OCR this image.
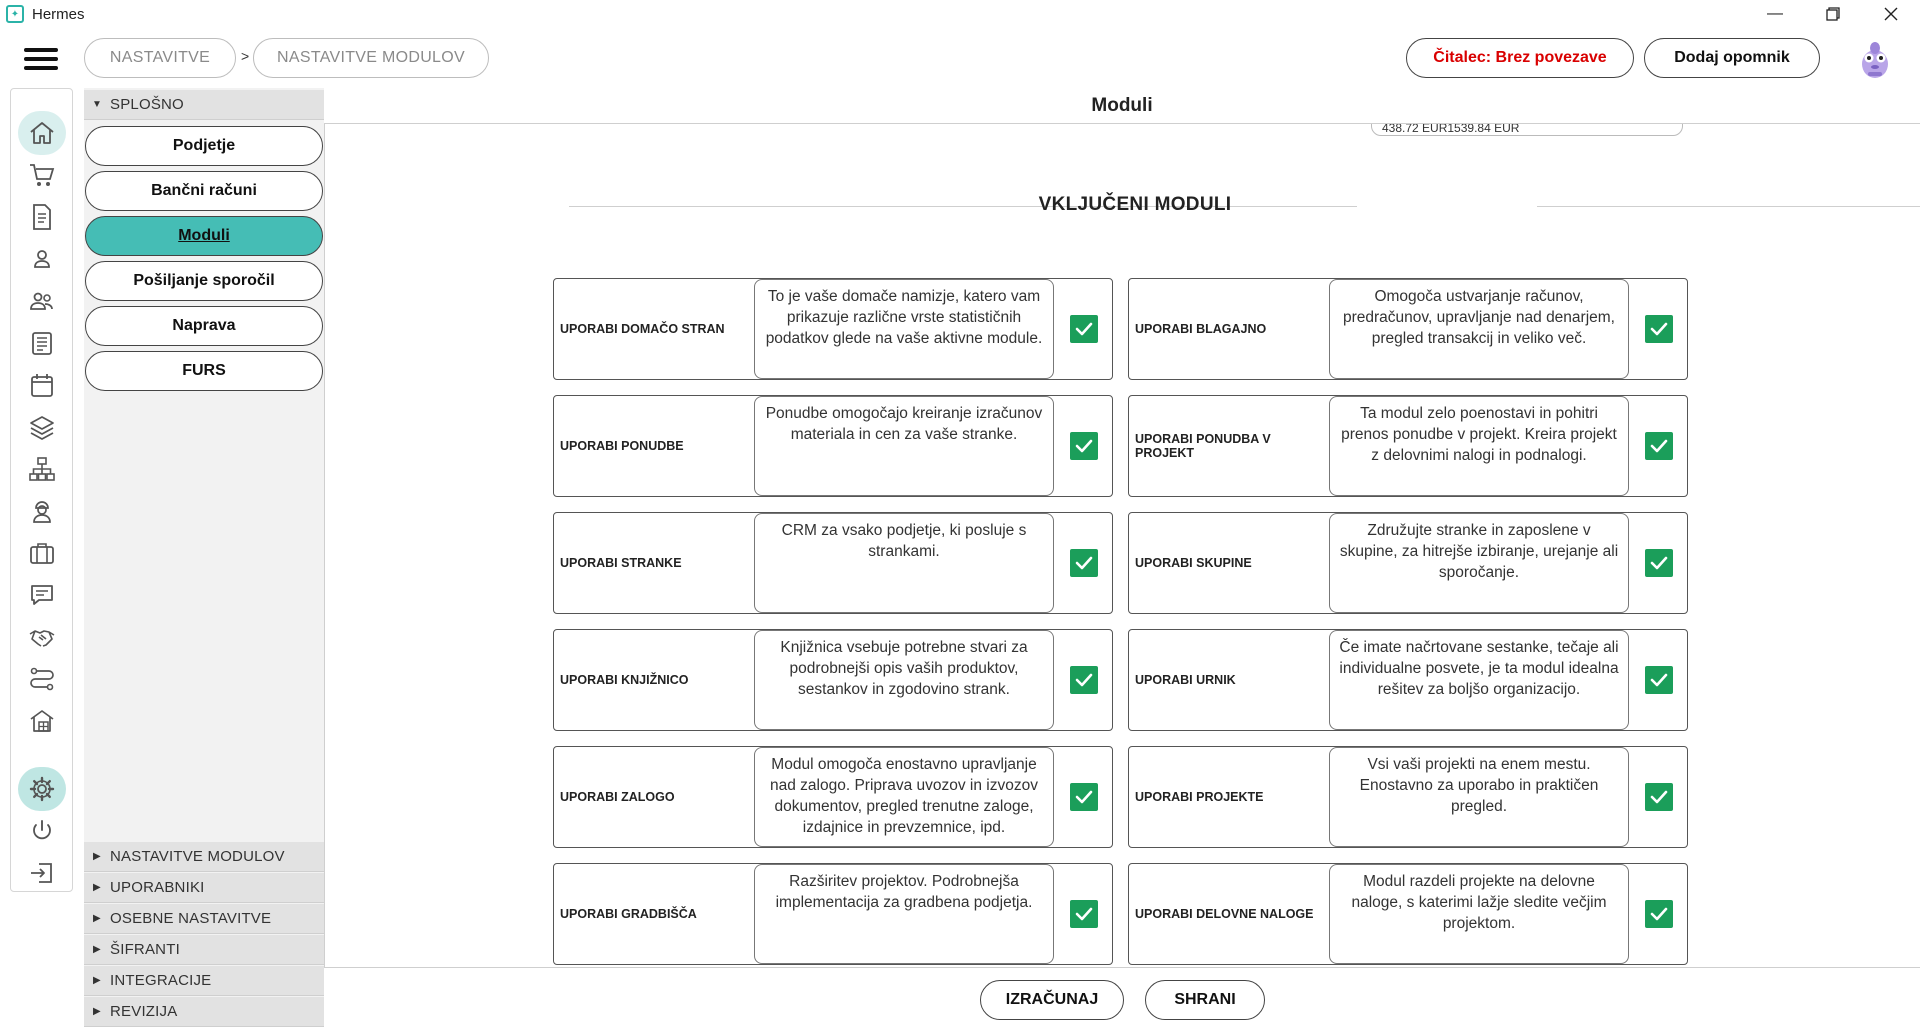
✦ Hermes	—
NASTAVITVE	>	NASTAVITVE MODULOV	Čitalec: Brez povezave	Dodaj opomnik
▼ SPLOŠNO
Podjetje
Bančni računi
Moduli
Pošiljanje sporočil
Naprava
FURS
▶ NASTAVITVE MODULOV
▶ UPORABNIKI
▶ OSEBNE NASTAVITVE
▶ ŠIFRANTI
▶ INTEGRACIJE
▶ REVIZIJA
Moduli
438.72 EUR1539.84 EUR
VKLJUČENI MODULI
UPORABI DOMAČO STRAN
To je vaše domače namizje, katero vam prikazuje različne vrste statističnih podatkov glede na vaše aktivne module.
UPORABI BLAGAJNO
Omogoča ustvarjanje računov, predračunov, upravljanje nad denarjem, pregled transakcij in veliko več.
UPORABI PONUDBE
Ponudbe omogočajo kreiranje izračunov materiala in cen za vaše stranke.	UPORABI PONUDBA V PROJEKT
Ta modul zelo poenostavi in pohitri prenos ponudbe v projekt. Kreira projekt z delovnimi nalogi in podnalogi.
UPORABI STRANKE
CRM za vsako podjetje, ki posluje s strankami.
UPORABI SKUPINE
Združujte stranke in zaposlene v skupine, za hitrejše izbiranje, urejanje ali sporočanje.
UPORABI KNJIŽNICO
Knjižnica vsebuje potrebne stvari za podrobnejši opis vaših produktov, sestankov in zgodovino strank.
UPORABI URNIK
Če imate načrtovane sestanke, tečaje ali individualne posvete, je ta modul idealna rešitev za boljšo organizacijo.
UPORABI ZALOGO
Modul omogoča enostavno upravljanje nad zalogo. Priprava uvozov in izvozov dokumentov, pregled trenutne zaloge, izdajnice in prevzemnice, ipd.
UPORABI PROJEKTE
Vsi vaši projekti na enem mestu. Enostavno za uporabo in praktičen pregled.
UPORABI GRADBIŠČA
Razširitev projektov. Podrobnejša implementacija za gradbena podjetja.
UPORABI DELOVNE NALOGE
Modul razdeli projekte na delovne naloge, s katerimi lažje sledite večjim projektom.
IZRAČUNAJ	SHRANI
